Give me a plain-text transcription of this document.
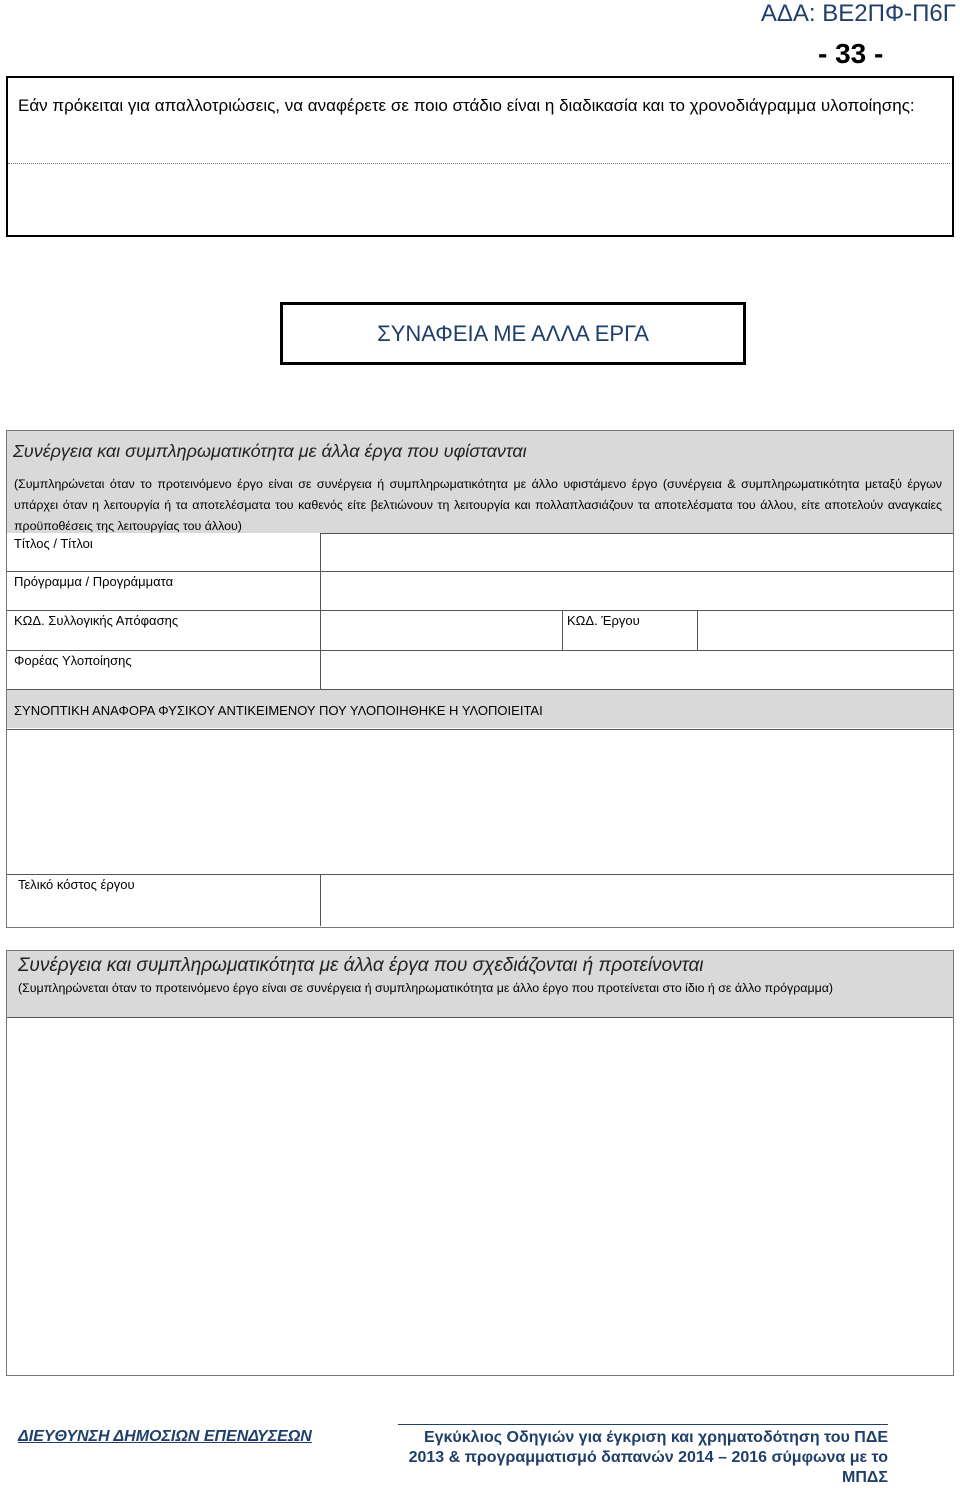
ΑΔΑ: ΒΕ2ΠΦ-Π6Γ
- 33 -
Εάν πρόκειται για απαλλοτριώσεις, να αναφέρετε σε ποιο στάδιο είναι η διαδικασία και το χρονοδιάγραμμα υλοποίησης:
ΣΥΝΑΦΕΙΑ ΜΕ ΑΛΛΑ ΕΡΓΑ
Συνέργεια και συμπληρωματικότητα με άλλα έργα που υφίστανται
(Συμπληρώνεται όταν το προτεινόμενο έργο είναι σε συνέργεια ή συμπληρωματικότητα με άλλο υφιστάμενο έργο (συνέργεια & συμπληρωματικότητα μεταξύ έργων υπάρχει όταν η λειτουργία ή τα αποτελέσματα του καθενός είτε βελτιώνουν τη λειτουργία και πολλαπλασιάζουν τα αποτελέσματα του άλλου, είτε αποτελούν αναγκαίες προϋποθέσεις της λειτουργίας του άλλου)
Τίτλος / Τίτλοι
Πρόγραμμα / Προγράμματα
ΚΩΔ. Συλλογικής Απόφασης	ΚΩΔ. Έργου
Φορέας Υλοποίησης
ΣΥΝΟΠΤΙΚΗ ΑΝΑΦΟΡΑ ΦΥΣΙΚΟΥ ΑΝΤΙΚΕΙΜΕΝΟΥ ΠΟΥ ΥΛΟΠΟΙΗΘΗΚΕ Η ΥΛΟΠΟΙΕΙΤΑΙ
Τελικό κόστος έργου
Συνέργεια και συμπληρωματικότητα με άλλα έργα που σχεδιάζονται ή προτείνονται
(Συμπληρώνεται όταν το προτεινόμενο έργο είναι σε συνέργεια ή συμπληρωματικότητα με άλλο έργο που προτείνεται στο ίδιο ή σε άλλο πρόγραμμα)
ΔΙΕΥΘΥΝΣΗ ΔΗΜΟΣΙΩΝ ΕΠΕΝΔΥΣΕΩΝ	Εγκύκλιος Οδηγιών για έγκριση και χρηματοδότηση του ΠΔΕ 2013 & προγραμματισμό δαπανών 2014 – 2016 σύμφωνα με το ΜΠΔΣ
